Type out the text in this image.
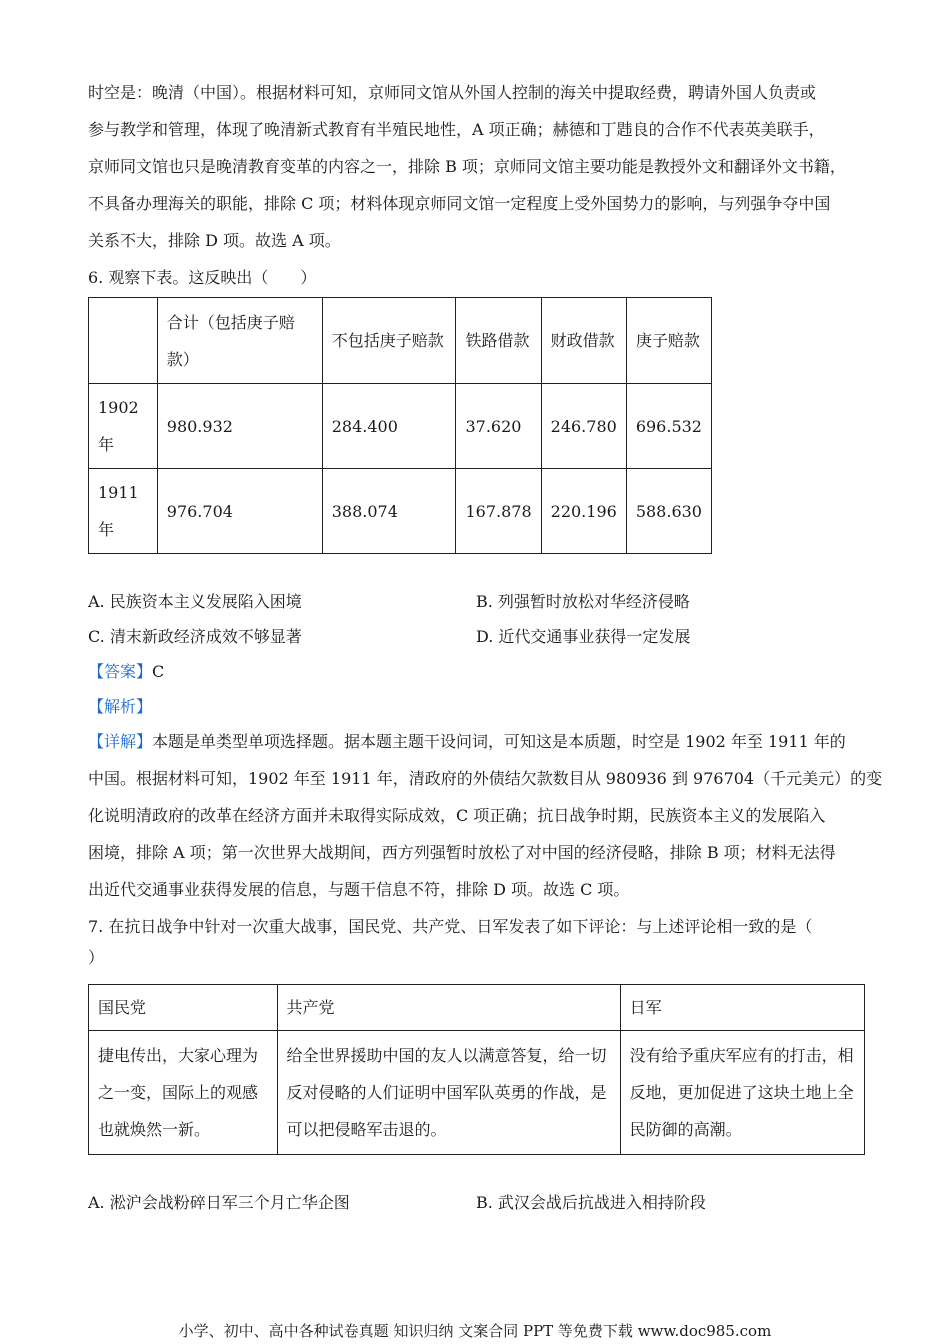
时空是：晚清（中国）。根据材料可知，京师同文馆从外国人控制的海关中提取经费，聘请外国人负责或
参与教学和管理，体现了晚清新式教育有半殖民地性，A 项正确；赫德和丁韪良的合作不代表英美联手，
京师同文馆也只是晚清教育变革的内容之一，排除 B 项；京师同文馆主要功能是教授外文和翻译外文书籍，
不具备办理海关的职能，排除 C 项；材料体现京师同文馆一定程度上受外国势力的影响，与列强争夺中国
关系不大，排除 D 项。故选 A 项。
6. 观察下表。这反映出（　　）
	合计（包括庚子赔款）	不包括庚子赔款	铁路借款	财政借款	庚子赔款
1902年	980.932	284.400	37.620	246.780	696.532
1911年	976.704	388.074	167.878	220.196	588.630
A. 民族资本主义发展陷入困境	B. 列强暂时放松对华经济侵略
C. 清末新政经济成效不够显著	D. 近代交通事业获得一定发展
【答案】C
【解析】
【详解】本题是单类型单项选择题。据本题主题干设问词，可知这是本质题，时空是 1902 年至 1911 年的
中国。根据材料可知，1902 年至 1911 年，清政府的外债结欠款数目从 980936 到 976704（千元美元）的变
化说明清政府的改革在经济方面并未取得实际成效，C 项正确；抗日战争时期，民族资本主义的发展陷入
困境，排除 A 项；第一次世界大战期间，西方列强暂时放松了对中国的经济侵略，排除 B 项；材料无法得
出近代交通事业获得发展的信息，与题干信息不符，排除 D 项。故选 C 项。
7. 在抗日战争中针对一次重大战事，国民党、共产党、日军发表了如下评论：与上述评论相一致的是（
）
国民党	共产党	日军
捷电传出，大家心理为之一变，国际上的观感也就焕然一新。	给全世界援助中国的友人以满意答复，给一切反对侵略的人们证明中国军队英勇的作战，是可以把侵略军击退的。	没有给予重庆军应有的打击，相反地，更加促进了这块土地上全民防御的高潮。
A. 淞沪会战粉碎日军三个月亡华企图	B. 武汉会战后抗战进入相持阶段
小学、初中、高中各种试卷真题 知识归纳 文案合同 PPT 等免费下载 www.doc985.com
